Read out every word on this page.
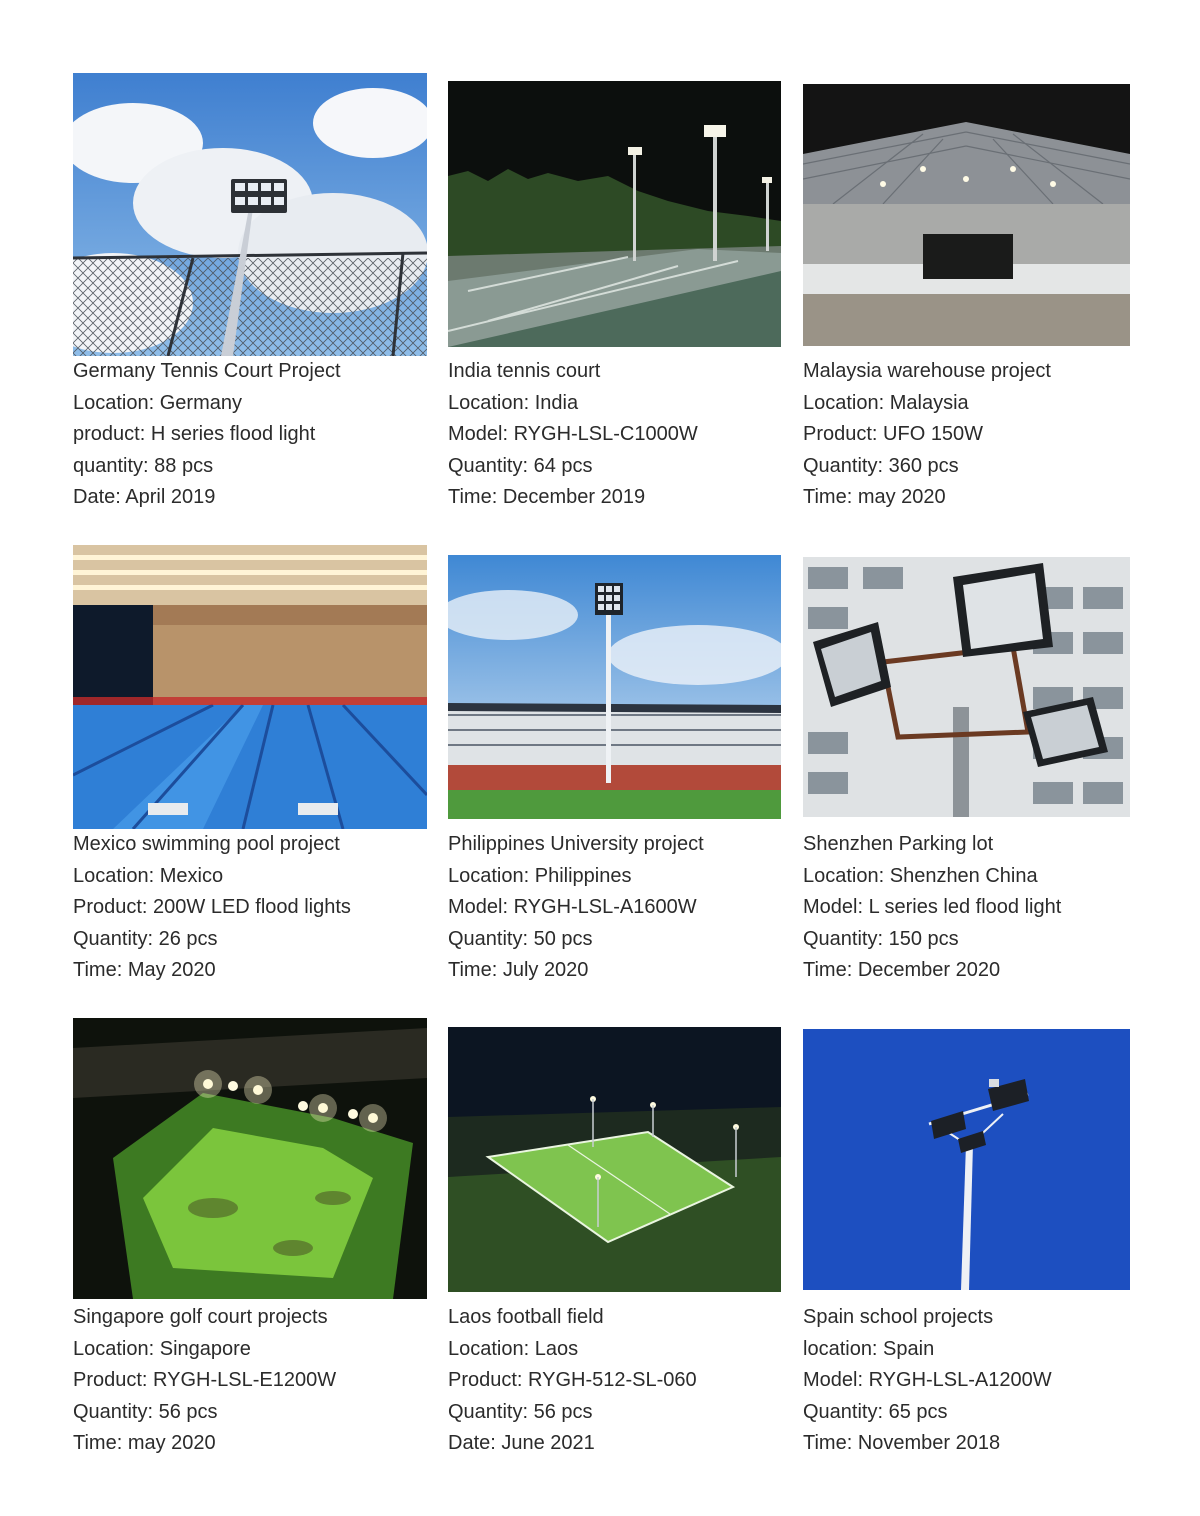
Germany Tennis Court Project
Location: Germany
product: H series flood light
quantity: 88 pcs
Date: April 2019
India tennis court
Location: India
Model: RYGH-LSL-C1000W
Quantity: 64 pcs
Time: December 2019
Malaysia warehouse project
Location: Malaysia
Product: UFO 150W
Quantity: 360 pcs
Time: may 2020
Mexico swimming pool project
Location: Mexico
Product: 200W LED flood lights
Quantity: 26 pcs
Time: May 2020
Philippines University project
Location: Philippines
Model: RYGH-LSL-A1600W
Quantity: 50 pcs
Time: July 2020
Shenzhen Parking lot
Location: Shenzhen China
Model: L series led flood light
Quantity: 150 pcs
Time: December 2020
Singapore golf court projects
Location: Singapore
Product: RYGH-LSL-E1200W
Quantity: 56 pcs
Time: may 2020
Laos football field
Location: Laos
Product: RYGH-512-SL-060
Quantity: 56 pcs
Date: June 2021
Spain school projects
location: Spain
Model: RYGH-LSL-A1200W
Quantity: 65 pcs
Time: November 2018
